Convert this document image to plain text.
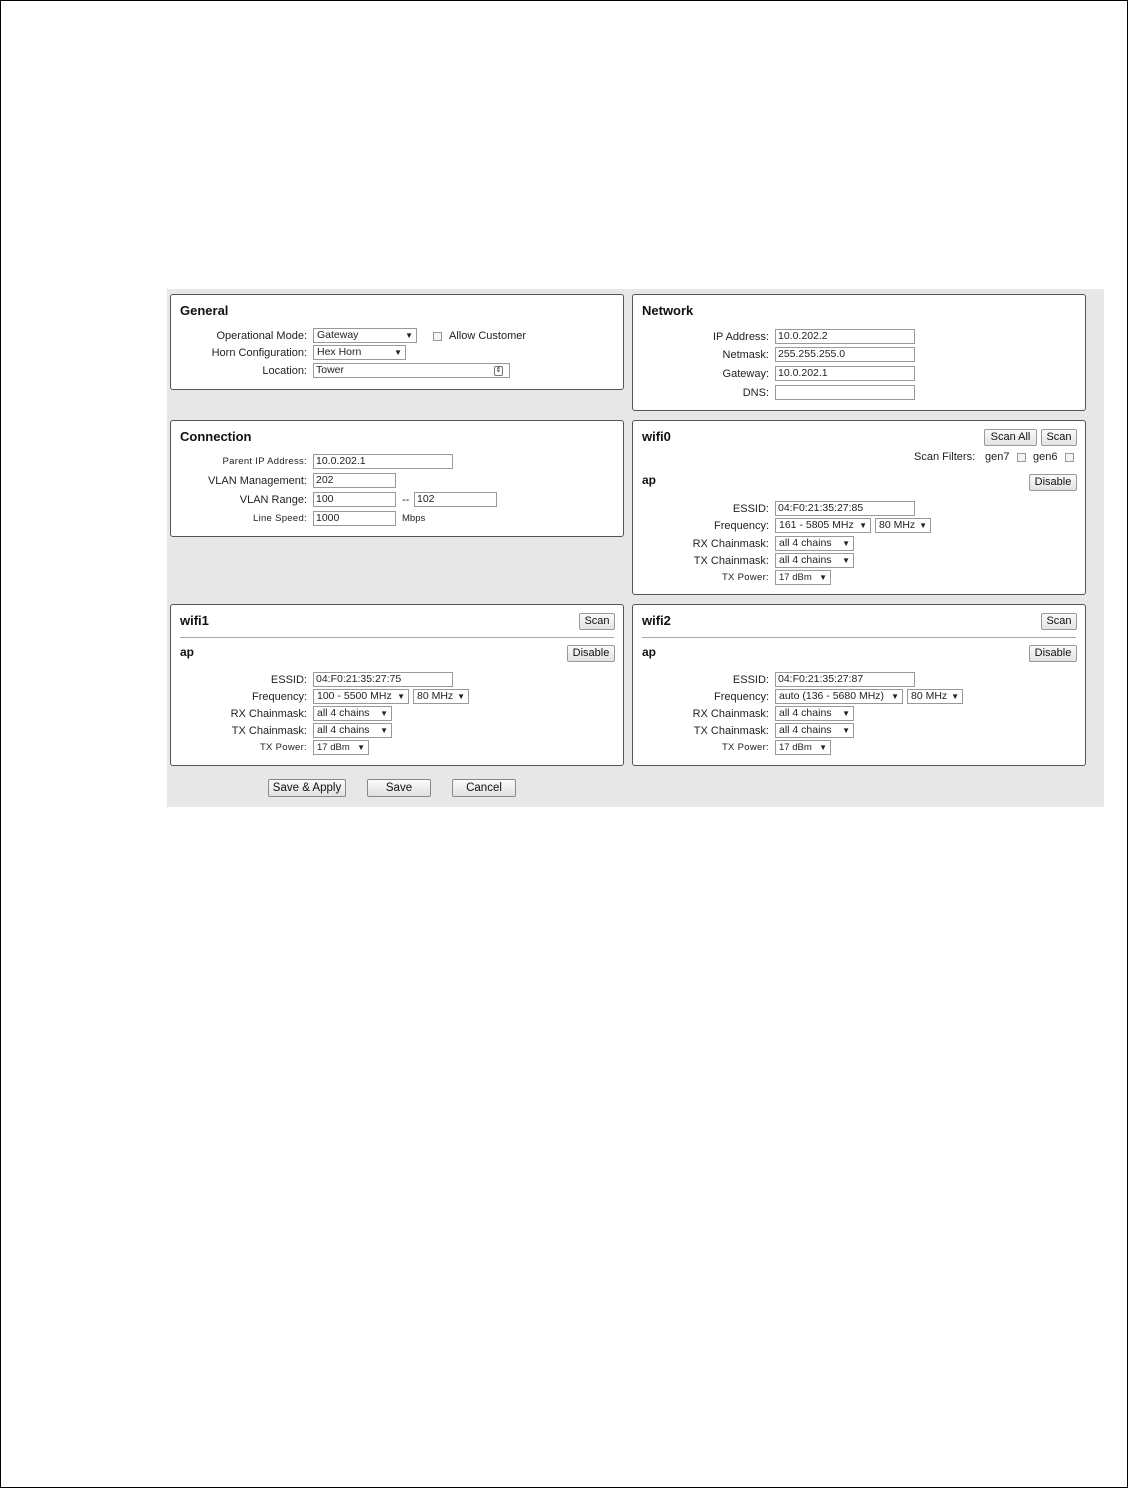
General
Operational Mode: Gateway	▼	Allow Customer
Horn Configuration: Hex Horn	▼
Location: Tower	⇕
Network
IP Address: 10.0.202.2
Netmask: 255.255.255.0
Gateway: 10.0.202.1
DNS:
Connection
Parent IP Address: 10.0.202.1
VLAN Management: 202
VLAN Range: 100	-- 102
Line Speed: 1000	Mbps
wifi0	Scan All	Scan
Scan Filters: gen7 gen6
ap	Disable
ESSID: 04:F0:21:35:27:85
Frequency: 161 - 5805 MHz ▼	80 MHz ▼
RX Chainmask: all 4 chains ▼
TX Chainmask: all 4 chains ▼
TX Power:	17 dBm ▼
wifi1	Scan
ap	Disable
ESSID: 04:F0:21:35:27:75
Frequency: 100 - 5500 MHz ▼	80 MHz ▼
RX Chainmask: all 4 chains ▼
TX Chainmask: all 4 chains ▼
TX Power:	17 dBm ▼
wifi2	Scan
ap	Disable
ESSID: 04:F0:21:35:27:87
Frequency: auto (136 - 5680 MHz) ▼	80 MHz ▼
RX Chainmask: all 4 chains ▼
TX Chainmask: all 4 chains ▼
TX Power:	17 dBm ▼
Save & Apply	Save	Cancel
